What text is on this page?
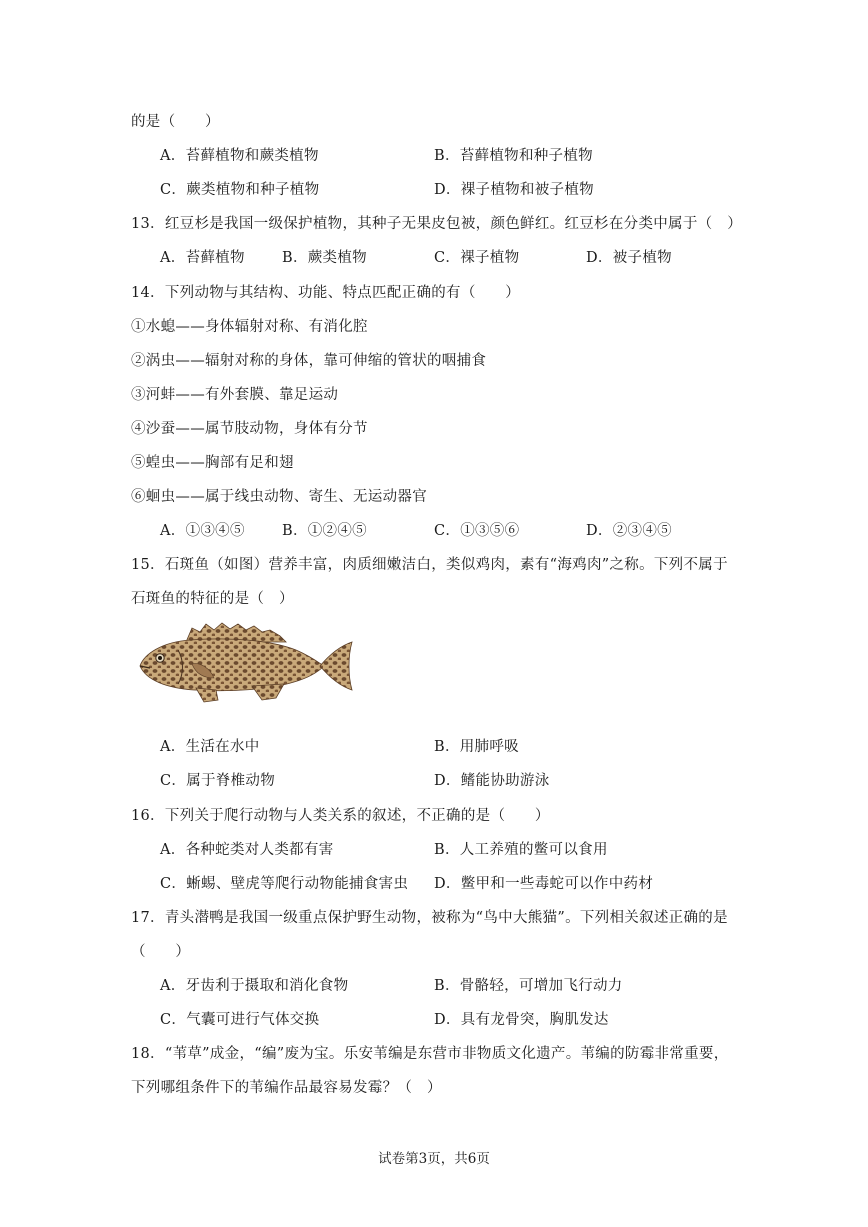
的是（　　）
A．苔藓植物和蕨类植物	B．苔藓植物和种子植物
C．蕨类植物和种子植物	D．裸子植物和被子植物
13．红豆杉是我国一级保护植物，其种子无果皮包被，颜色鲜红。红豆杉在分类中属于（　）
A．苔藓植物	B．蕨类植物	C．裸子植物	D．被子植物
14．下列动物与其结构、功能、特点匹配正确的有（　　）
①水螅——身体辐射对称、有消化腔
②涡虫——辐射对称的身体，靠可伸缩的管状的咽捕食
③河蚌——有外套膜、靠足运动
④沙蚕——属节肢动物，身体有分节
⑤蝗虫——胸部有足和翅
⑥蛔虫——属于线虫动物、寄生、无运动器官
A．①③④⑤	B．①②④⑤	C．①③⑤⑥	D．②③④⑤
15．石斑鱼（如图）营养丰富，肉质细嫩洁白，类似鸡肉，素有“海鸡肉”之称。下列不属于
石斑鱼的特征的是（　）
A．生活在水中	B．用肺呼吸
C．属于脊椎动物	D．鳍能协助游泳
16．下列关于爬行动物与人类关系的叙述，不正确的是（　　）
A．各种蛇类对人类都有害	B．人工养殖的鳖可以食用
C．蜥蜴、壁虎等爬行动物能捕食害虫 D．鳖甲和一些毒蛇可以作中药材
17．青头潜鸭是我国一级重点保护野生动物，被称为“鸟中大熊猫”。下列相关叙述正确的是
（　　）
A．牙齿利于摄取和消化食物	B．骨骼轻，可增加飞行动力
C．气囊可进行气体交换	D．具有龙骨突，胸肌发达
18．“苇草”成金，“编”废为宝。乐安苇编是东营市非物质文化遗产。苇编的防霉非常重要，
下列哪组条件下的苇编作品最容易发霉？（　）
试卷第3页，共6页
